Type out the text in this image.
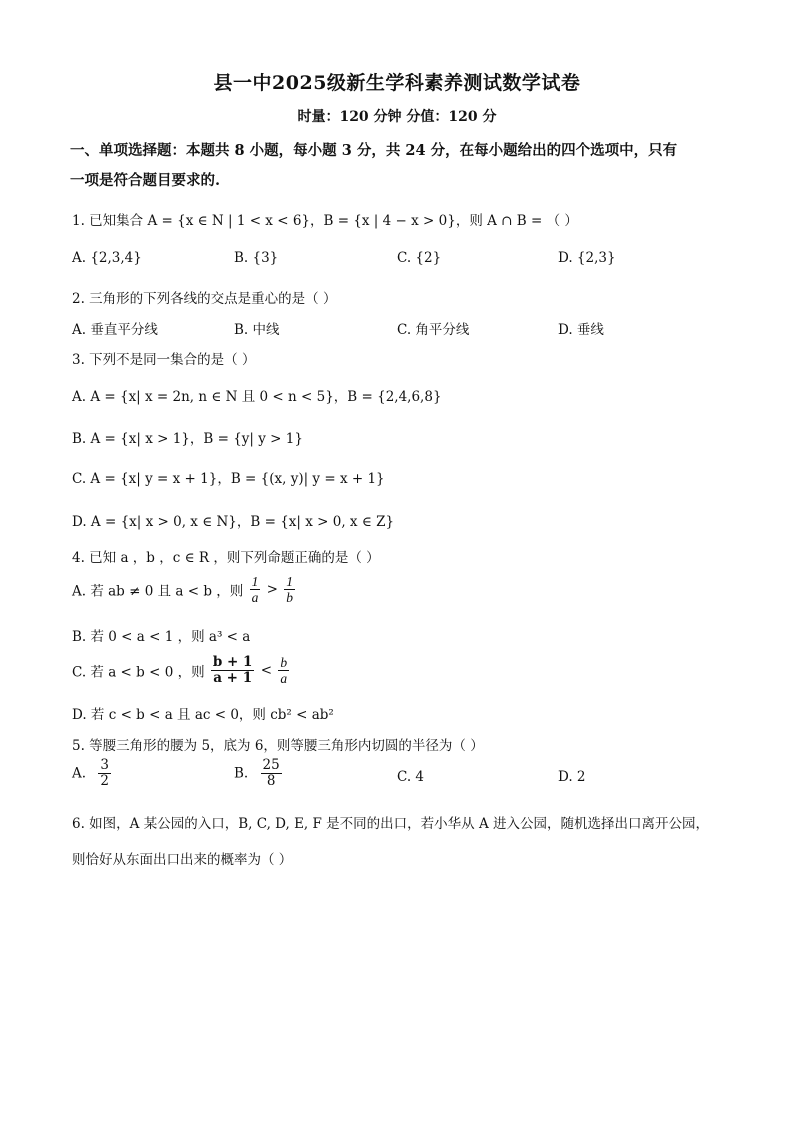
县一中2025级新生学科素养测试数学试卷
时量：120 分钟 分值：120 分
一、单项选择题：本题共 8 小题，每小题 3 分，共 24 分，在每小题给出的四个选项中，只有
一项是符合题目要求的.
1. 已知集合 A = {x ∈ N | 1 < x < 6}，B = {x | 4 − x > 0}，则 A ∩ B = （ ）
A. {2,3,4}	B. {3}	C. {2}	D. {2,3}
2. 三角形的下列各线的交点是重心的是（ ）
A. 垂直平分线	B. 中线	C. 角平分线	D. 垂线
3. 下列不是同一集合的是（ ）
A. A = {x| x = 2n, n ∈ N 且 0 < n < 5}，B = {2,4,6,8}
B. A = {x| x > 1}，B = {y| y > 1}
C. A = {x| y = x + 1}，B = {(x, y)| y = x + 1}
D. A = {x| x > 0, x ∈ N}，B = {x| x > 0, x ∈ Z}
4. 已知 a ，b ，c ∈ R ，则下列命题正确的是（ ）
A. 若 ab ≠ 0 且 a < b ，则 $\frac{1}{a} > \frac{1}{b}$
B. 若 0 < a < 1 ，则 a³ < a
C. 若 a < b < 0 ，则 $\frac{b + 1}{a + 1} < \frac{b}{a}$
D. 若 c < b < a 且 ac < 0，则 cb² < ab²
5. 等腰三角形的腰为 5，底为 6，则等腰三角形内切圆的半径为（ ）
A. $\frac{3}{2}$	B. $\frac{25}{8}$	C. 4	D. 2
6. 如图，A 某公园的入口，B, C, D, E, F 是不同的出口，若小华从 A 进入公园，随机选择出口离开公园，
则恰好从东面出口出来的概率为（ ）
